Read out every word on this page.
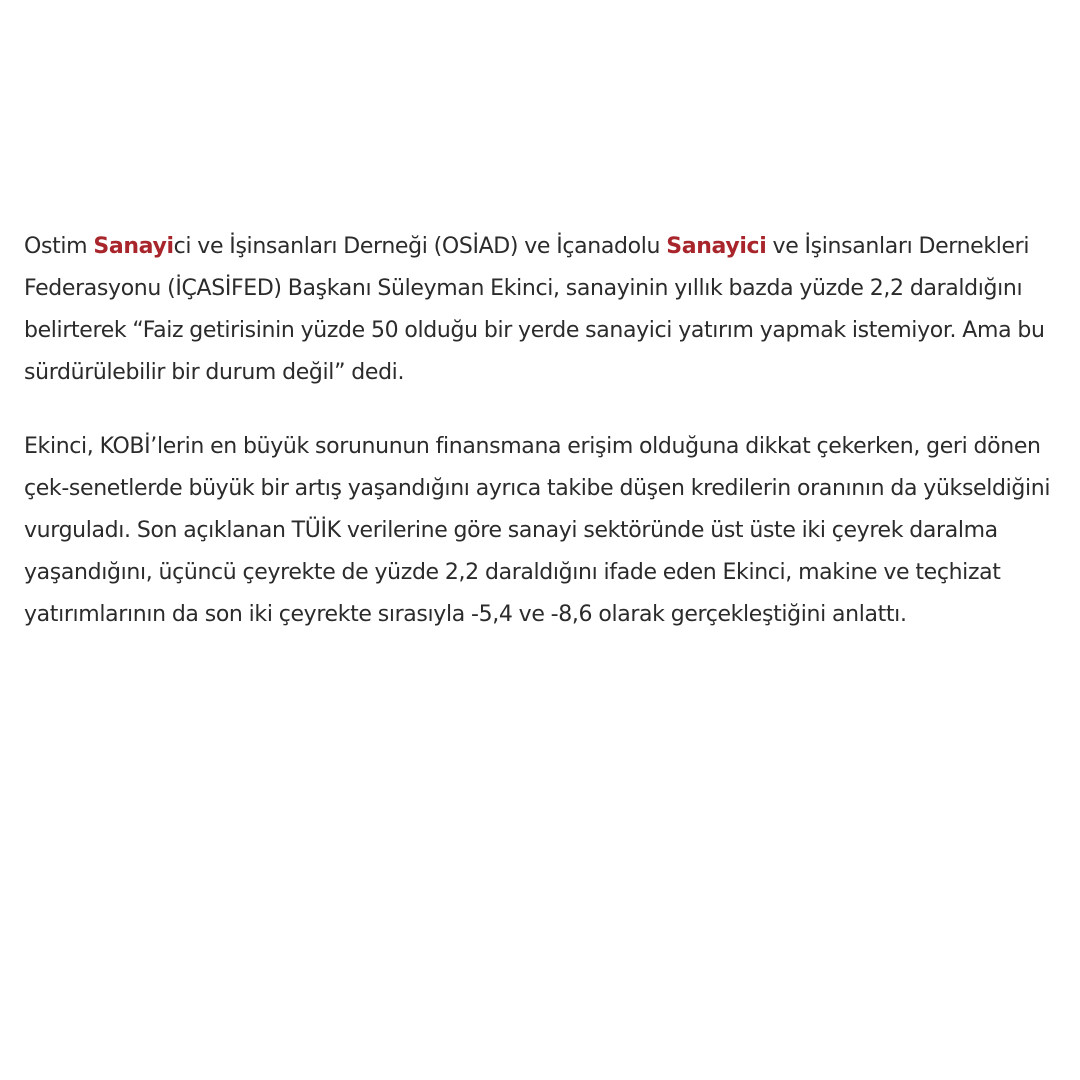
Ostim Sanayici ve İşinsanları Derneği (OSİAD) ve İçanadolu Sanayici ve İşinsanları Dernekleri Federasyonu (İÇASİFED) Başkanı Süleyman Ekinci, sanayinin yıllık bazda yüzde 2,2 daraldığını belirterek “Faiz getirisinin yüzde 50 olduğu bir yerde sanayici yatırım yapmak istemiyor. Ama bu sürdürülebilir bir durum değil” dedi.

Ekinci, KOBİ’lerin en büyük sorununun finansmana erişim olduğuna dikkat çekerken, geri dönen çek-senetlerde büyük bir artış yaşandığını ayrıca takibe düşen kredilerin oranının da yükseldiğini vurguladı. Son açıklanan TÜİK verilerine göre sanayi sektöründe üst üste iki çeyrek daralma yaşandığını, üçüncü çeyrekte de yüzde 2,2 daraldığını ifade eden Ekinci, makine ve teçhizat yatırımlarının da son iki çeyrekte sırasıyla -5,4 ve -8,6 olarak gerçekleştiğini anlattı.
